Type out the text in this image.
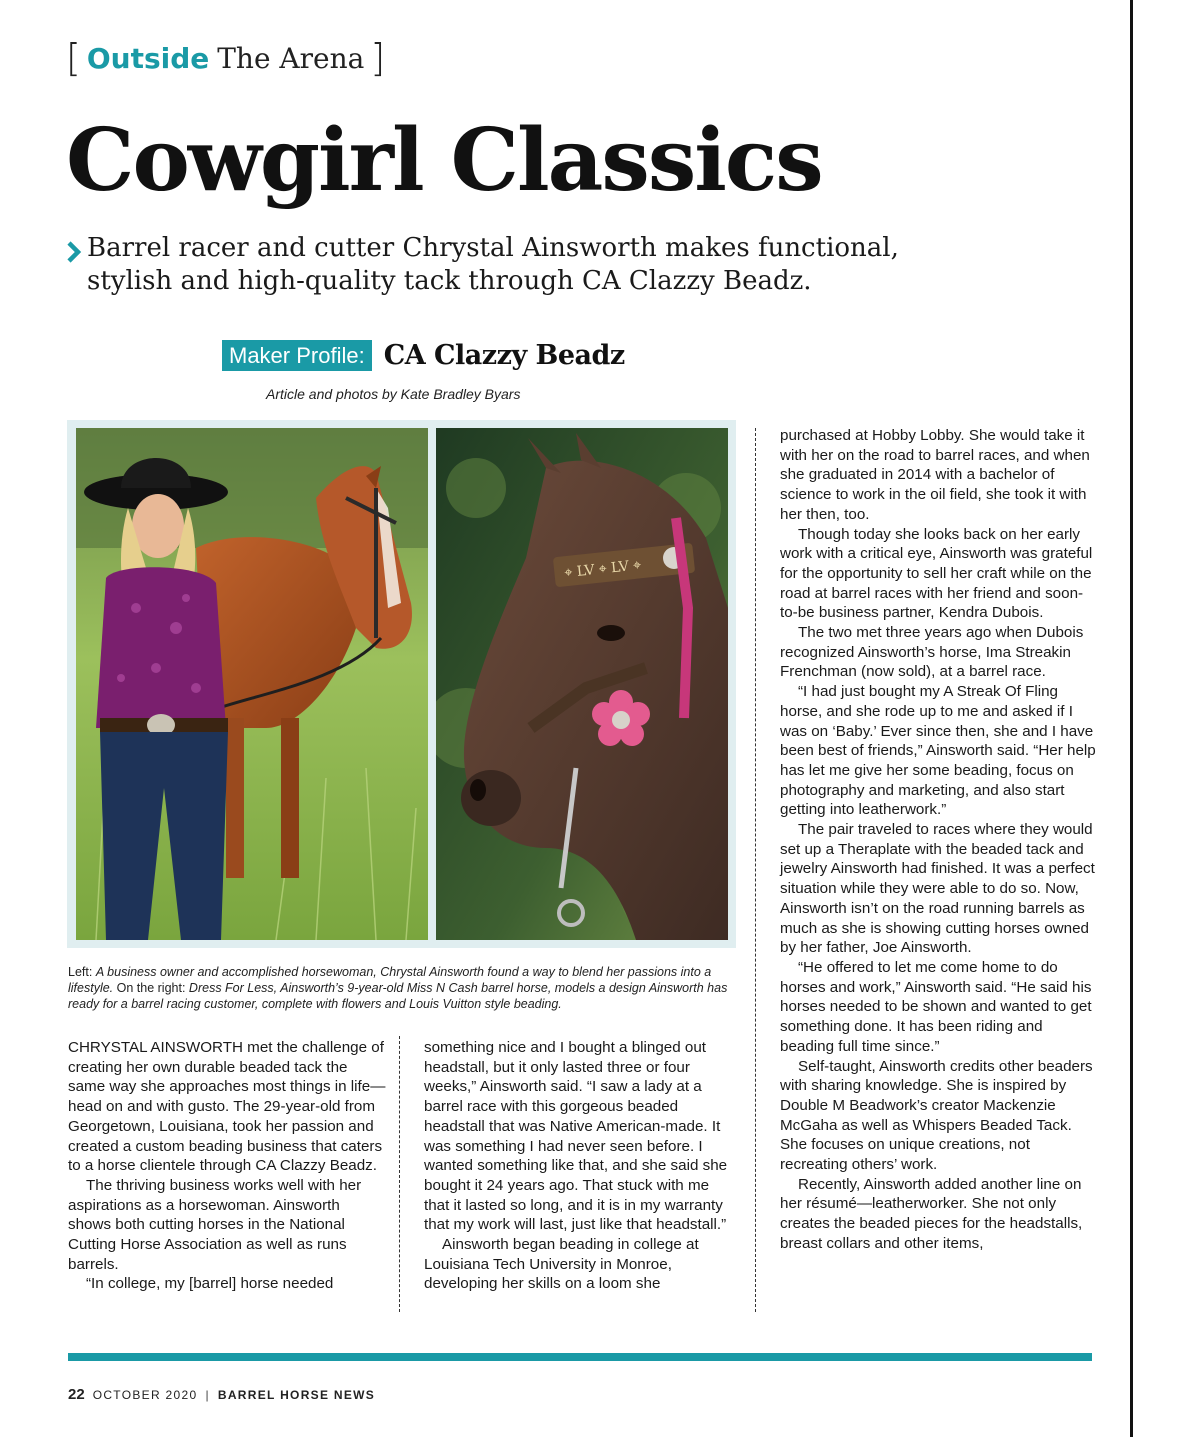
[ Outside The Arena ]
Cowgirl Classics
Barrel racer and cutter Chrystal Ainsworth makes functional, stylish and high-quality tack through CA Clazzy Beadz.
Maker Profile: CA Clazzy Beadz
Article and photos by Kate Bradley Byars
⌖ LV ⌖ LV ⌖
Left: A business owner and accomplished horsewoman, Chrystal Ainsworth found a way to blend her passions into a lifestyle. On the right: Dress For Less, Ainsworth’s 9-year-old Miss N Cash barrel horse, models a design Ainsworth has ready for a barrel racing customer, complete with flowers and Louis Vuitton style beading.

CHRYSTAL AINSWORTH met the challenge of creating her own durable beaded tack the same way she approaches most things in life—head on and with gusto. The 29-year-old from Georgetown, Louisiana, took her passion and created a custom beading business that caters to a horse clientele through CA Clazzy Beadz.

The thriving business works well with her aspirations as a horsewoman. Ainsworth shows both cutting horses in the National Cutting Horse Association as well as runs barrels.

“In college, my [barrel] horse needed

something nice and I bought a blinged out headstall, but it only lasted three or four weeks,” Ainsworth said. “I saw a lady at a barrel race with this gorgeous beaded headstall that was Native American-made. It was something I had never seen before. I wanted something like that, and she said she bought it 24 years ago. That stuck with me that it lasted so long, and it is in my warranty that my work will last, just like that headstall.”

Ainsworth began beading in college at Louisiana Tech University in Monroe, developing her skills on a loom she

purchased at Hobby Lobby. She would take it with her on the road to barrel races, and when she graduated in 2014 with a bachelor of science to work in the oil field, she took it with her then, too.

Though today she looks back on her early work with a critical eye, Ainsworth was grateful for the opportunity to sell her craft while on the road at barrel races with her friend and soon-to-be business partner, Kendra Dubois.

The two met three years ago when Dubois recognized Ainsworth’s horse, Ima Streakin Frenchman (now sold), at a barrel race.

“I had just bought my A Streak Of Fling horse, and she rode up to me and asked if I was on ‘Baby.’ Ever since then, she and I have been best of friends,” Ainsworth said. “Her help has let me give her some beading, focus on photography and marketing, and also start getting into leatherwork.”

The pair traveled to races where they would set up a Theraplate with the beaded tack and jewelry Ainsworth had finished. It was a perfect situation while they were able to do so. Now, Ainsworth isn’t on the road running barrels as much as she is showing cutting horses owned by her father, Joe Ainsworth.

“He offered to let me come home to do horses and work,” Ainsworth said. “He said his horses needed to be shown and wanted to get something done. It has been riding and beading full time since.”

Self-taught, Ainsworth credits other beaders with sharing knowledge. She is inspired by Double M Beadwork’s creator Mackenzie McGaha as well as Whispers Beaded Tack. She focuses on unique creations, not recreating others’ work.

Recently, Ainsworth added another line on her résumé—leatherworker. She not only creates the beaded pieces for the headstalls, breast collars and other items,

22 OCTOBER 2020 | BARREL HORSE NEWS
